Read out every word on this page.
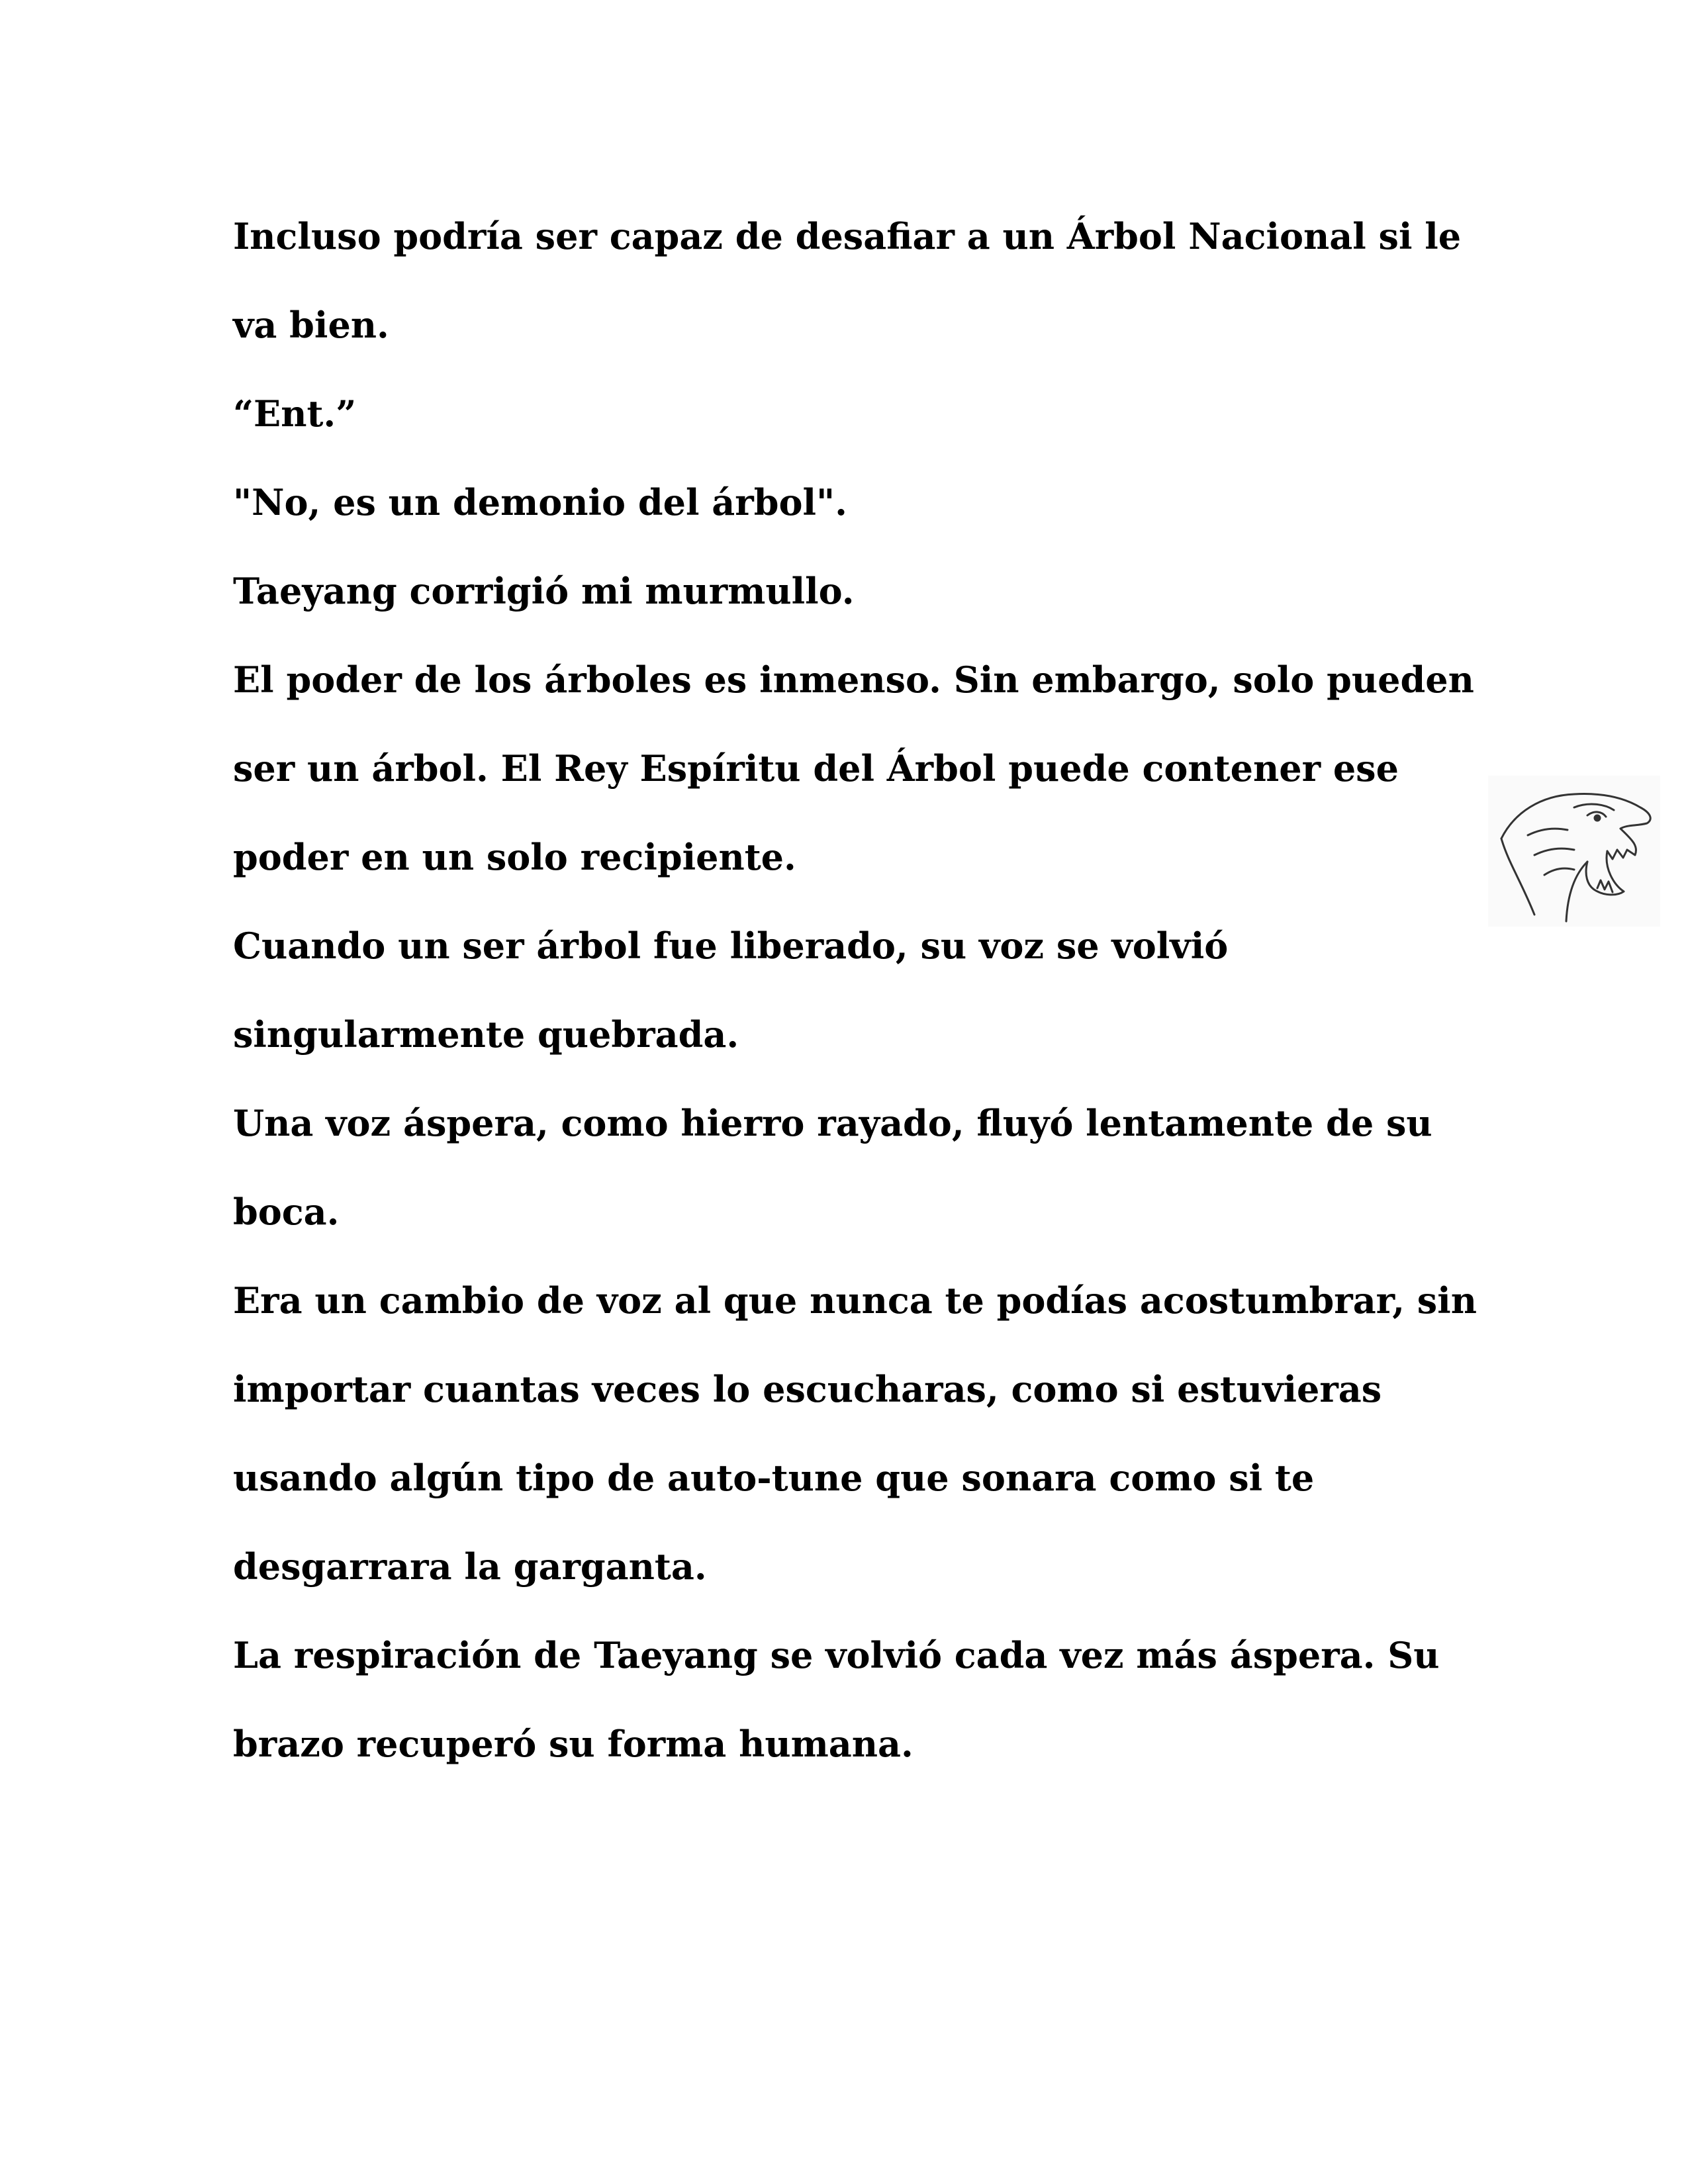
Incluso podría ser capaz de desafiar a un Árbol Nacional si le va bien.

“Ent.”

"No, es un demonio del árbol".

Taeyang corrigió mi murmullo.

El poder de los árboles es inmenso. Sin embargo, solo pueden ser un árbol. El Rey Espíritu del Árbol puede contener ese poder en un solo recipiente.

Cuando un ser árbol fue liberado, su voz se volvió singularmente quebrada.

Una voz áspera, como hierro rayado, fluyó lentamente de su boca.

Era un cambio de voz al que nunca te podías acostumbrar, sin importar cuantas veces lo escucharas, como si estuvieras usando algún tipo de auto-tune que sonara como si te desgarrara la garganta.

La respiración de Taeyang se volvió cada vez más áspera. Su brazo recuperó su forma humana.
